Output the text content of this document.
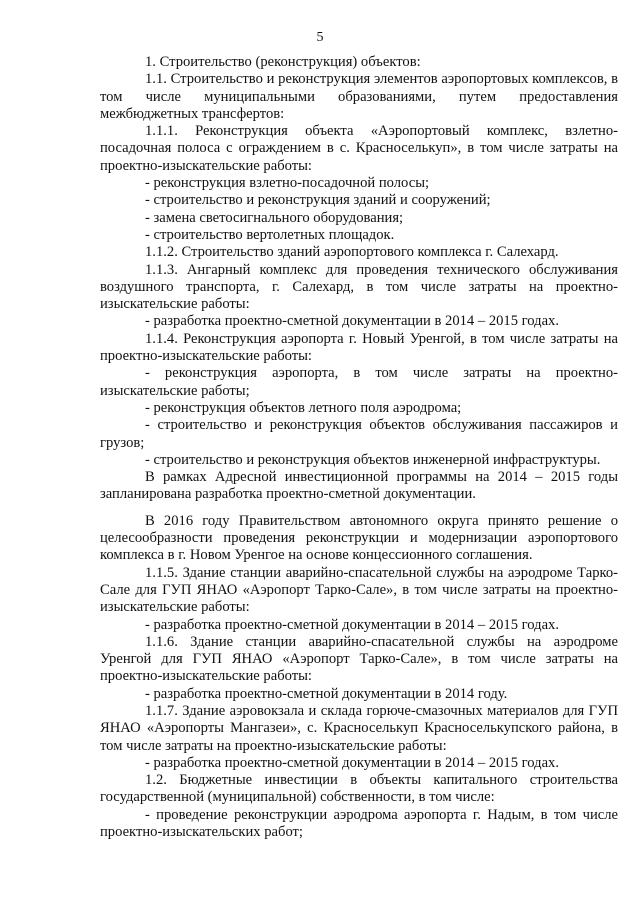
5

1. Строительство (реконструкция) объектов:

1.1. Строительство и реконструкция элементов аэропортовых комплексов, в том числе муниципальными образованиями, путем предоставления межбюджетных трансфертов:

1.1.1. Реконструкция объекта «Аэропортовый комплекс, взлетно-посадочная полоса с ограждением в с. Красноселькуп», в том числе затраты на проектно-изыскательские работы:

- реконструкция взлетно-посадочной полосы;

- строительство и реконструкция зданий и сооружений;

- замена светосигнального оборудования;

- строительство вертолетных площадок.

1.1.2. Строительство зданий аэропортового комплекса г. Салехард.

1.1.3. Ангарный комплекс для проведения технического обслуживания воздушного транспорта, г. Салехард, в том числе затраты на проектно-изыскательские работы:

- разработка проектно-сметной документации в 2014 – 2015 годах.

1.1.4. Реконструкция аэропорта г. Новый Уренгой, в том числе затраты на проектно-изыскательские работы:

- реконструкция аэропорта, в том числе затраты на проектно-изыскательские работы;

- реконструкция объектов летного поля аэродрома;

- строительство и реконструкция объектов обслуживания пассажиров и грузов;

- строительство и реконструкция объектов инженерной инфраструктуры.

В рамках Адресной инвестиционной программы на 2014 – 2015 годы запланирована разработка проектно-сметной документации.

В 2016 году Правительством автономного округа принято решение о целесообразности проведения реконструкции и модернизации аэропортового комплекса в г. Новом Уренгое на основе концессионного соглашения.

1.1.5. Здание станции аварийно-спасательной службы на аэродроме Тарко-Сале для ГУП ЯНАО «Аэропорт Тарко-Сале», в том числе затраты на проектно-изыскательские работы:

- разработка проектно-сметной документации в 2014 – 2015 годах.

1.1.6. Здание станции аварийно-спасательной службы на аэродроме Уренгой для ГУП ЯНАО «Аэропорт Тарко-Сале», в том числе затраты на проектно-изыскательские работы:

- разработка проектно-сметной документации в 2014 году.

1.1.7. Здание аэровокзала и склада горюче-смазочных материалов для ГУП ЯНАО «Аэропорты Мангазеи», с. Красноселькуп Красноселькупского района, в том числе затраты на проектно-изыскательские работы:

- разработка проектно-сметной документации в 2014 – 2015 годах.

1.2. Бюджетные инвестиции в объекты капитального строительства государственной (муниципальной) собственности, в том числе:

- проведение реконструкции аэродрома аэропорта г. Надым, в том числе проектно-изыскательских работ;
